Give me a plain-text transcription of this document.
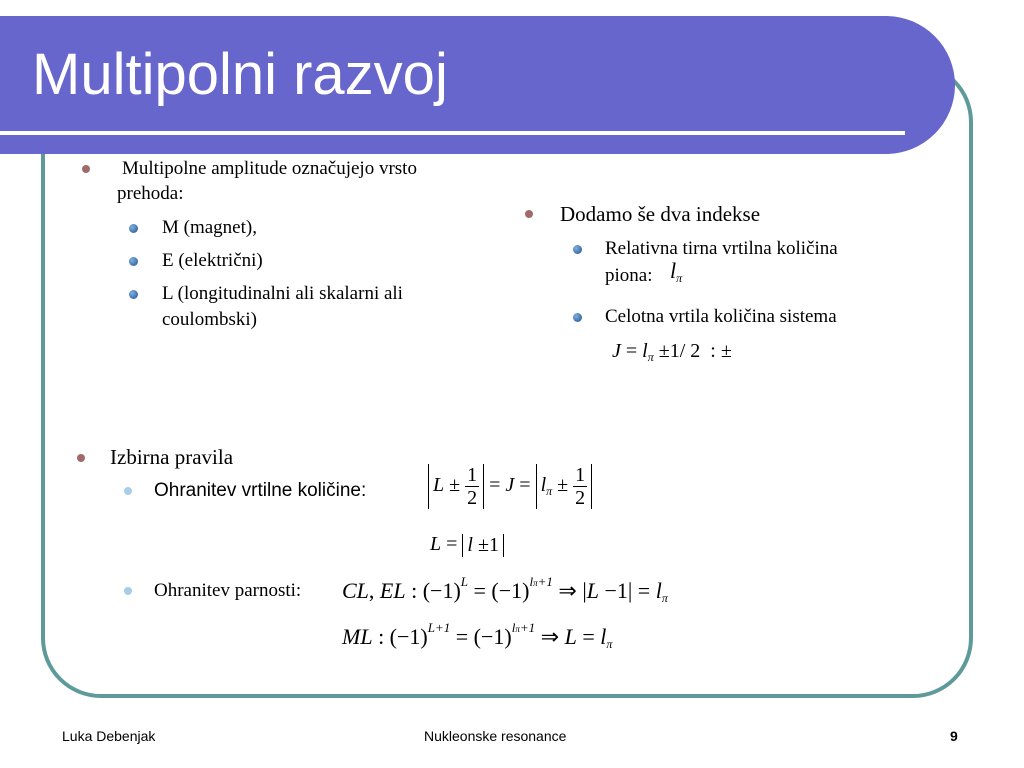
Multipolni razvoj
Multipolne amplitude označujejo vrsto
prehoda:
M (magnet),
E (električni)
L (longitudinalni ali skalarni ali
coulombski)
Dodamo še dva indekse
Relativna tirna vrtilna količina
piona: $l_\pi$
Celotna vrtila količina sistema
$J = l_\pi \pm 1/$ 2  : ±
Izbirna pravila
Ohranitev vrtilne količine:	$L \pm \frac{1}{2} = J = l_\pi \pm \frac{1}{2}$
L = l ±1
Ohranitev parnosti: CL, EL : $(-1)^L = (-1)^{l\pi+1}$ ⇒ $|L -1| = l_\pi$
ML : $(-1)^{L+1} = (-1)^{l\pi+1}$ ⇒ $L = l_\pi$
Luka Debenjak	Nukleonske resonance	9
